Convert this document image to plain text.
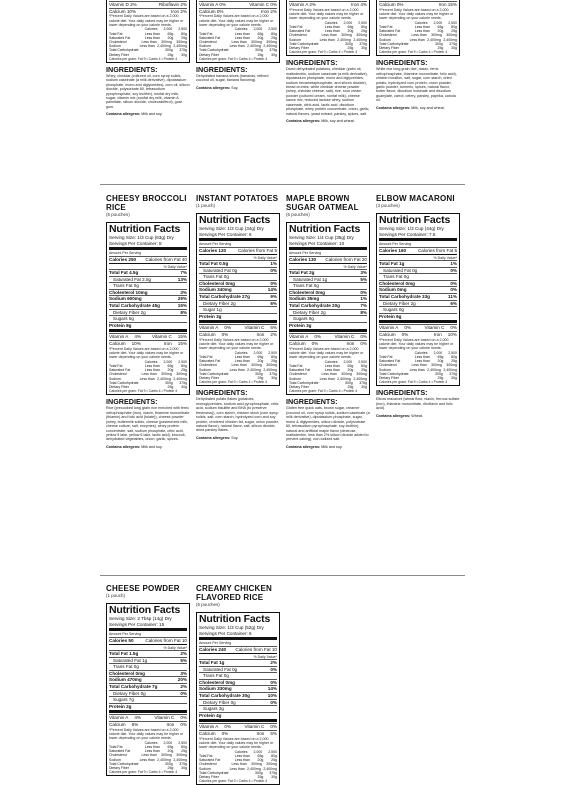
Vitamin D 2%	Riboflavin 2%
Calcium 10%	Iron 2%
*Percent Daily Values are based on a 2,000 calorie diet. Your daily values may be higher or lower depending on your calorie needs.
Calories 2,000 2,500
Total Fat	Less than 65g 80g
Saturated Fat	Less than 20g 25g
Cholesterol	Less than 300mg 300mg
Sodium	Less than 2,400mg 2,400mg
Total Carbohydrate	300g 375g
Dietary Fiber	25g 30g
Calories per gram: Fat 9 • Carbs 4 • Protein 4
INGREDIENTS:
Whey, cheddar (cultured oil, corn syrup solids, sodium caseinate (a milk derivative), dipotassium phosphate, mono and diglycerides), corn oil, silicon dioxide, polysorbate 60, tetrasodium pyrophosphate, soy lecithin), nonfat dry milk, sugar, vitamin mix (nonfat dry milk, vitamin A palmitate, silicon dioxide, cholecalciferol), guar gum.
Contains allergens: Milk and soy.
Vitamin A 0%	Vitamin C 0%
Calcium 0%	Iron 2%
*Percent Daily Values are based on a 2,000 calorie diet. Your daily values may be higher or lower depending on your calorie needs.
Calories 2,000 2,500
Total Fat	Less than 65g 80g
Saturated Fat	Less than 20g 25g
Cholesterol	Less than 300mg 300mg
Sodium	Less than 2,400mg 2,400mg
Total Carbohydrate	300g 375g
Dietary Fiber	25g 30g
Calories per gram: Fat 9 • Carbs 4 • Protein 4
INGREDIENTS:
Dehydrated banana slices (bananas, refined coconut oil, sugar, banana flavoring).
Contains allergens: Soy.
Vitamin A 2%	Iron 4%
*Percent Daily Values are based on a 2,000 calorie diet. Your daily values may be higher or lower depending on your calorie needs.
Calories 2,000 2,500
Total Fat	Less than 65g 80g
Saturated Fat	Less than 20g 25g
Cholesterol	Less than 300mg 300mg
Sodium	Less than 2,400mg 2,400mg
Total Carbohydrate	300g 375g
Dietary Fiber	25g 30g
Calories per gram: Fat 9 • Carbs 4 • Protein 4
INGREDIENTS:
Diced dehydrated potatoes, cheddar (palm oil, maltodextrin, sodium caseinate (a milk derivative), dipotassium phosphate, mono and diglycerides, sodium hexametaphosphate, and silicon dioxide), bread crumbs, white cheddar cheese powder (whey, cheddar cheese, salt), rice, sour cream powder (cultured cream, nonfat milk), cheese sauce mix, reduced lactose whey, sodium caseinate, citric acid, lactic acid, disodium phosphate, whey protein concentrate, onion, garlic, natural flavors, yeast extract, parsley, spices, salt.
Contains allergens: Milk, soy and wheat.
Calcium 0%	Iron 15%
*Percent Daily Values are based on a 2,000 calorie diet. Your daily values may be higher or lower depending on your calorie needs.
Calories 2,000 2,500
Total Fat	Less than 65g 80g
Saturated Fat	Less than 20g 25g
Cholesterol	Less than 300mg 300mg
Sodium	Less than 2,400mg 2,400mg
Total Carbohydrate	300g 375g
Dietary Fiber	25g 30g
Calories per gram: Fat 9 • Carbs 4 • Protein 4
INGREDIENTS:
White rice long grain rice, niacin, ferric orthophosphate, thiamine mononitrate, folic acid), chicken bouillon, salt, sugar, corn starch, dried potato, hydrolyzed corn protein, onion powder, garlic powder, turmeric, spices, natural flavor, butter flavor, disodium inosinate and disodium guanylate, carrot, celery, parsley, paprika, canola oil.
Contains allergens: Milk, soy and wheat.
CHEESY BROCCOLI RICE
(5 pouches)
Nutrition Facts
Serving Size: 1/3 Cup (63g) Dry
Servings Per Container: 8
Amount Per Serving
Calories 250 Calories from Fat 40
% Daily Value*
Total Fat 4.5g	7%
Saturated Fat 2.5g	13%
Trans Fat 0g
Cholesterol 10mg	3%
Sodium 600mg	29%
Total Carbohydrate 45g	15%
Dietary Fiber 2g	8%
Sugars 5g
Protein 8g
Vitamin A 4% Vitamin C 15%
Calcium 10%	Iron 15%
*Percent Daily Values are based on a 2,000 calorie diet. Your daily values may be higher or lower depending on your calorie needs.
Calories 2,000 2,500
Total Fat	Less than 65g 80g
Saturated Fat	Less than 20g 25g
Cholesterol	Less than 300mg 300mg
Sodium	Less than 2,400mg 2,400mg
Total Carbohydrate	300g 375g
Dietary Fiber	25g 30g
Calories per gram: Fat 9 • Carbs 4 • Protein 4
INGREDIENTS:
Rice (precooked long grain rice enriched with ferric orthophosphate (iron), niacin, thiamine mononitrate (thiamin) and folic acid (folate)), cheese powder (whey, buttermilk solids, cheese (pasteurized milk, cheese culture, salt, enzymes), whey protein concentrate, salt, sodium phosphate, citric acid, yellow 5 lake, yellow 6 lake, lactic acid), broccoli, dehydrated vegetables, onion, garlic, spices.
Contains allergens: Milk and soy.
INSTANT POTATOES
(1 pouch)
Nutrition Facts
Serving Size: 1/3 Cup (34g) Dry
Servings Per Container: 6
Amount Per Serving
Calories 120	Calories from Fat 5
% Daily Value*
Total Fat 0.5g	1%
Saturated Fat 0g	0%
Trans Fat 0g
Cholesterol 0mg	0%
Sodium 340mg	14%
Total Carbohydrate 27g	9%
Dietary Fiber 2g	6%
Sugar 1g
Protein 3g
Vitamin A 0%	Vitamin C 6%
Calcium 0%	Iron 2%
*Percent Daily Values are based on a 2,000 calorie diet. Your daily values may be higher or lower depending on your calorie needs.
Calories 2,000 2,500
Total Fat	Less than 65g 80g
Saturated Fat	Less than 20g 25g
Cholesterol	Less than 300mg 300mg
Sodium	Less than 2,400mg 2,400mg
Total Carbohydrate	300g 375g
Dietary Fiber	25g 30g
Calories per gram: Fat 9 • Carbs 4 • Protein 4
INGREDIENTS:
Dehydrated potato flakes (potatoes, monoglycerides, sodium acid pyrophosphate, citric acid, sodium bisulfite and BHA (to preserve freshness)), corn starch, chicken stock (corn syrup solids, salt, corn starch, hydrolyzed corn and soy protein, rendered chicken fat, sugar, onion powder, natural flavor), natural flavor, salt, silicon dioxide, dried parsley flakes.
Contains allergens: Soy.
MAPLE BROWN SUGAR OATMEAL
(6 pouches)
Nutrition Facts
Serving Size: 1/4 Cup (35g) Dry
Servings Per Container: 10
Amount Per Serving
Calories 130 Calories from Fat 20
% Daily Value*
Total Fat 2g	3%
Saturated Fat 1g	5%
Trans Fat 0g
Cholesterol 0mg	0%
Sodium 35mg	1%
Total Carbohydrate 20g	7%
Dietary Fiber 2g	8%
Sugars 9g
Protein 3g
Vitamin A 0%	Vitamin C 0%
Calcium 0%	Iron 0%
*Percent Daily Values are based on a 2,000 calorie diet. Your daily values may be higher or lower depending on your calorie needs.
Calories 2,000 2,500
Total Fat	Less than 65g 80g
Saturated Fat	Less than 20g 25g
Cholesterol	Less than 300mg 300mg
Sodium	Less than 2,400mg 2,400mg
Total Carbohydrate	300g 375g
Dietary Fiber	25g 30g
Calories per gram: Fat 9 • Carbs 4 • Protein 4
INGREDIENTS:
Gluten free quick oats, brown sugar, creamer (coconut oil, corn syrup solids, sodium caseinate (a milk derivative), dipotassium phosphate, sugar, mono & diglycerides, silicon dioxide, polysorbate 60, tetrasodium pyrophosphate, soy lecithin), natural and artificial maple flavor (dextrose, maltodextrin, less than 2% silicon dioxide added to prevent caking), non-iodized salt.
Contains allergens: Milk and soy.
ELBOW MACARONI
(3 pouches)
Nutrition Facts
Serving Size: 1/3 Cup (44g) Dry
Servings Per Container: 7.5
Amount Per Serving
Calories 160	Calories from Fat 5
% Daily Value*
Total Fat 1g	1%
Saturated Fat 0g	0%
Trans Fat 0g
Cholesterol 0mg	0%
Sodium 0mg	0%
Total Carbohydrate 33g	11%
Dietary Fiber 2g	6%
Sugars 0g
Protein 6g
Vitamin A 0%	Vitamin C 0%
Calcium 0%	Iron 10%
*Percent Daily Values are based on a 2,000 calorie diet. Your daily values may be higher or lower depending on your calorie needs.
Calories 2,000 2,500
Total Fat	Less than 65g 80g
Saturated Fat	Less than 20g 25g
Cholesterol	Less than 300mg 300mg
Sodium	Less than 2,400mg 2,400mg
Total Carbohydrate	300g 375g
Dietary Fiber	25g 30g
Calories per gram: Fat 9 • Carbs 4 • Protein 4
INGREDIENTS:
Elbow macaroni (wheat flour, niacin, ferrous sulfate (iron), thiamine mononitrate, riboflavin and folic acid).
Contains allergens: Wheat.
CHEESE POWDER
(1 pouch)
Nutrition Facts
Serving Size: 2 Tbsp (14g) Dry
Servings Per Container: 15
Amount Per Serving
Calories 50	Calories from Fat 10
% Daily Value*
Total Fat 1.5g	2%
Saturated Fat 1g	5%
Trans Fat 0g
Cholesterol 0mg	3%
Sodium 470mg	20%
Total Carbohydrate 7g	2%
Dietary Fiber 0g	0%
Sugars 7g
Protein 2g
Vitamin A 4%	Vitamin C 0%
Calcium 6%	Iron 0%
*Percent Daily Values are based on a 2,000 calorie diet. Your daily values may be higher or lower depending on your calorie needs.
Calories 2,000 2,500
Total Fat	Less than 65g 80g
Saturated Fat	Less than 20g 25g
Cholesterol	Less than 300mg 300mg
Sodium	Less than 2,400mg 2,400mg
Total Carbohydrate	300g 375g
Dietary Fiber	25g 30g
Calories per gram: Fat 9 • Carbs 4 • Protein 4
CREAMY CHICKEN FLAVORED RICE
(6 pouches)
Nutrition Facts
Serving Size: 1/3 Cup (52g) Dry
Servings Per Container: 6
Amount Per Serving
Calories 240 Calories from Fat 10
% Daily Value*
Total Fat 1g	2%
Saturated Fat 0g	0%
Trans Fat 0g
Cholesterol 0mg	0%
Sodium 330mg	14%
Total Carbohydrate 30g	10%
Dietary Fiber 0g	0%
Sugars 3g
Protein 4g
Vitamin A 0%	Vitamin C 0%
Calcium 0%	Iron 6%
*Percent Daily Values are based on a 2,000 calorie diet. Your daily values may be higher or lower depending on your calorie needs.
Calories 2,000 2,500
Total Fat	Less than 65g 80g
Saturated Fat	Less than 20g 25g
Cholesterol	Less than 300mg 300mg
Sodium	Less than 2,400mg 2,400mg
Total Carbohydrate	300g 375g
Dietary Fiber	25g 30g
Calories per gram: Fat 9 • Carbs 4 • Protein 4
